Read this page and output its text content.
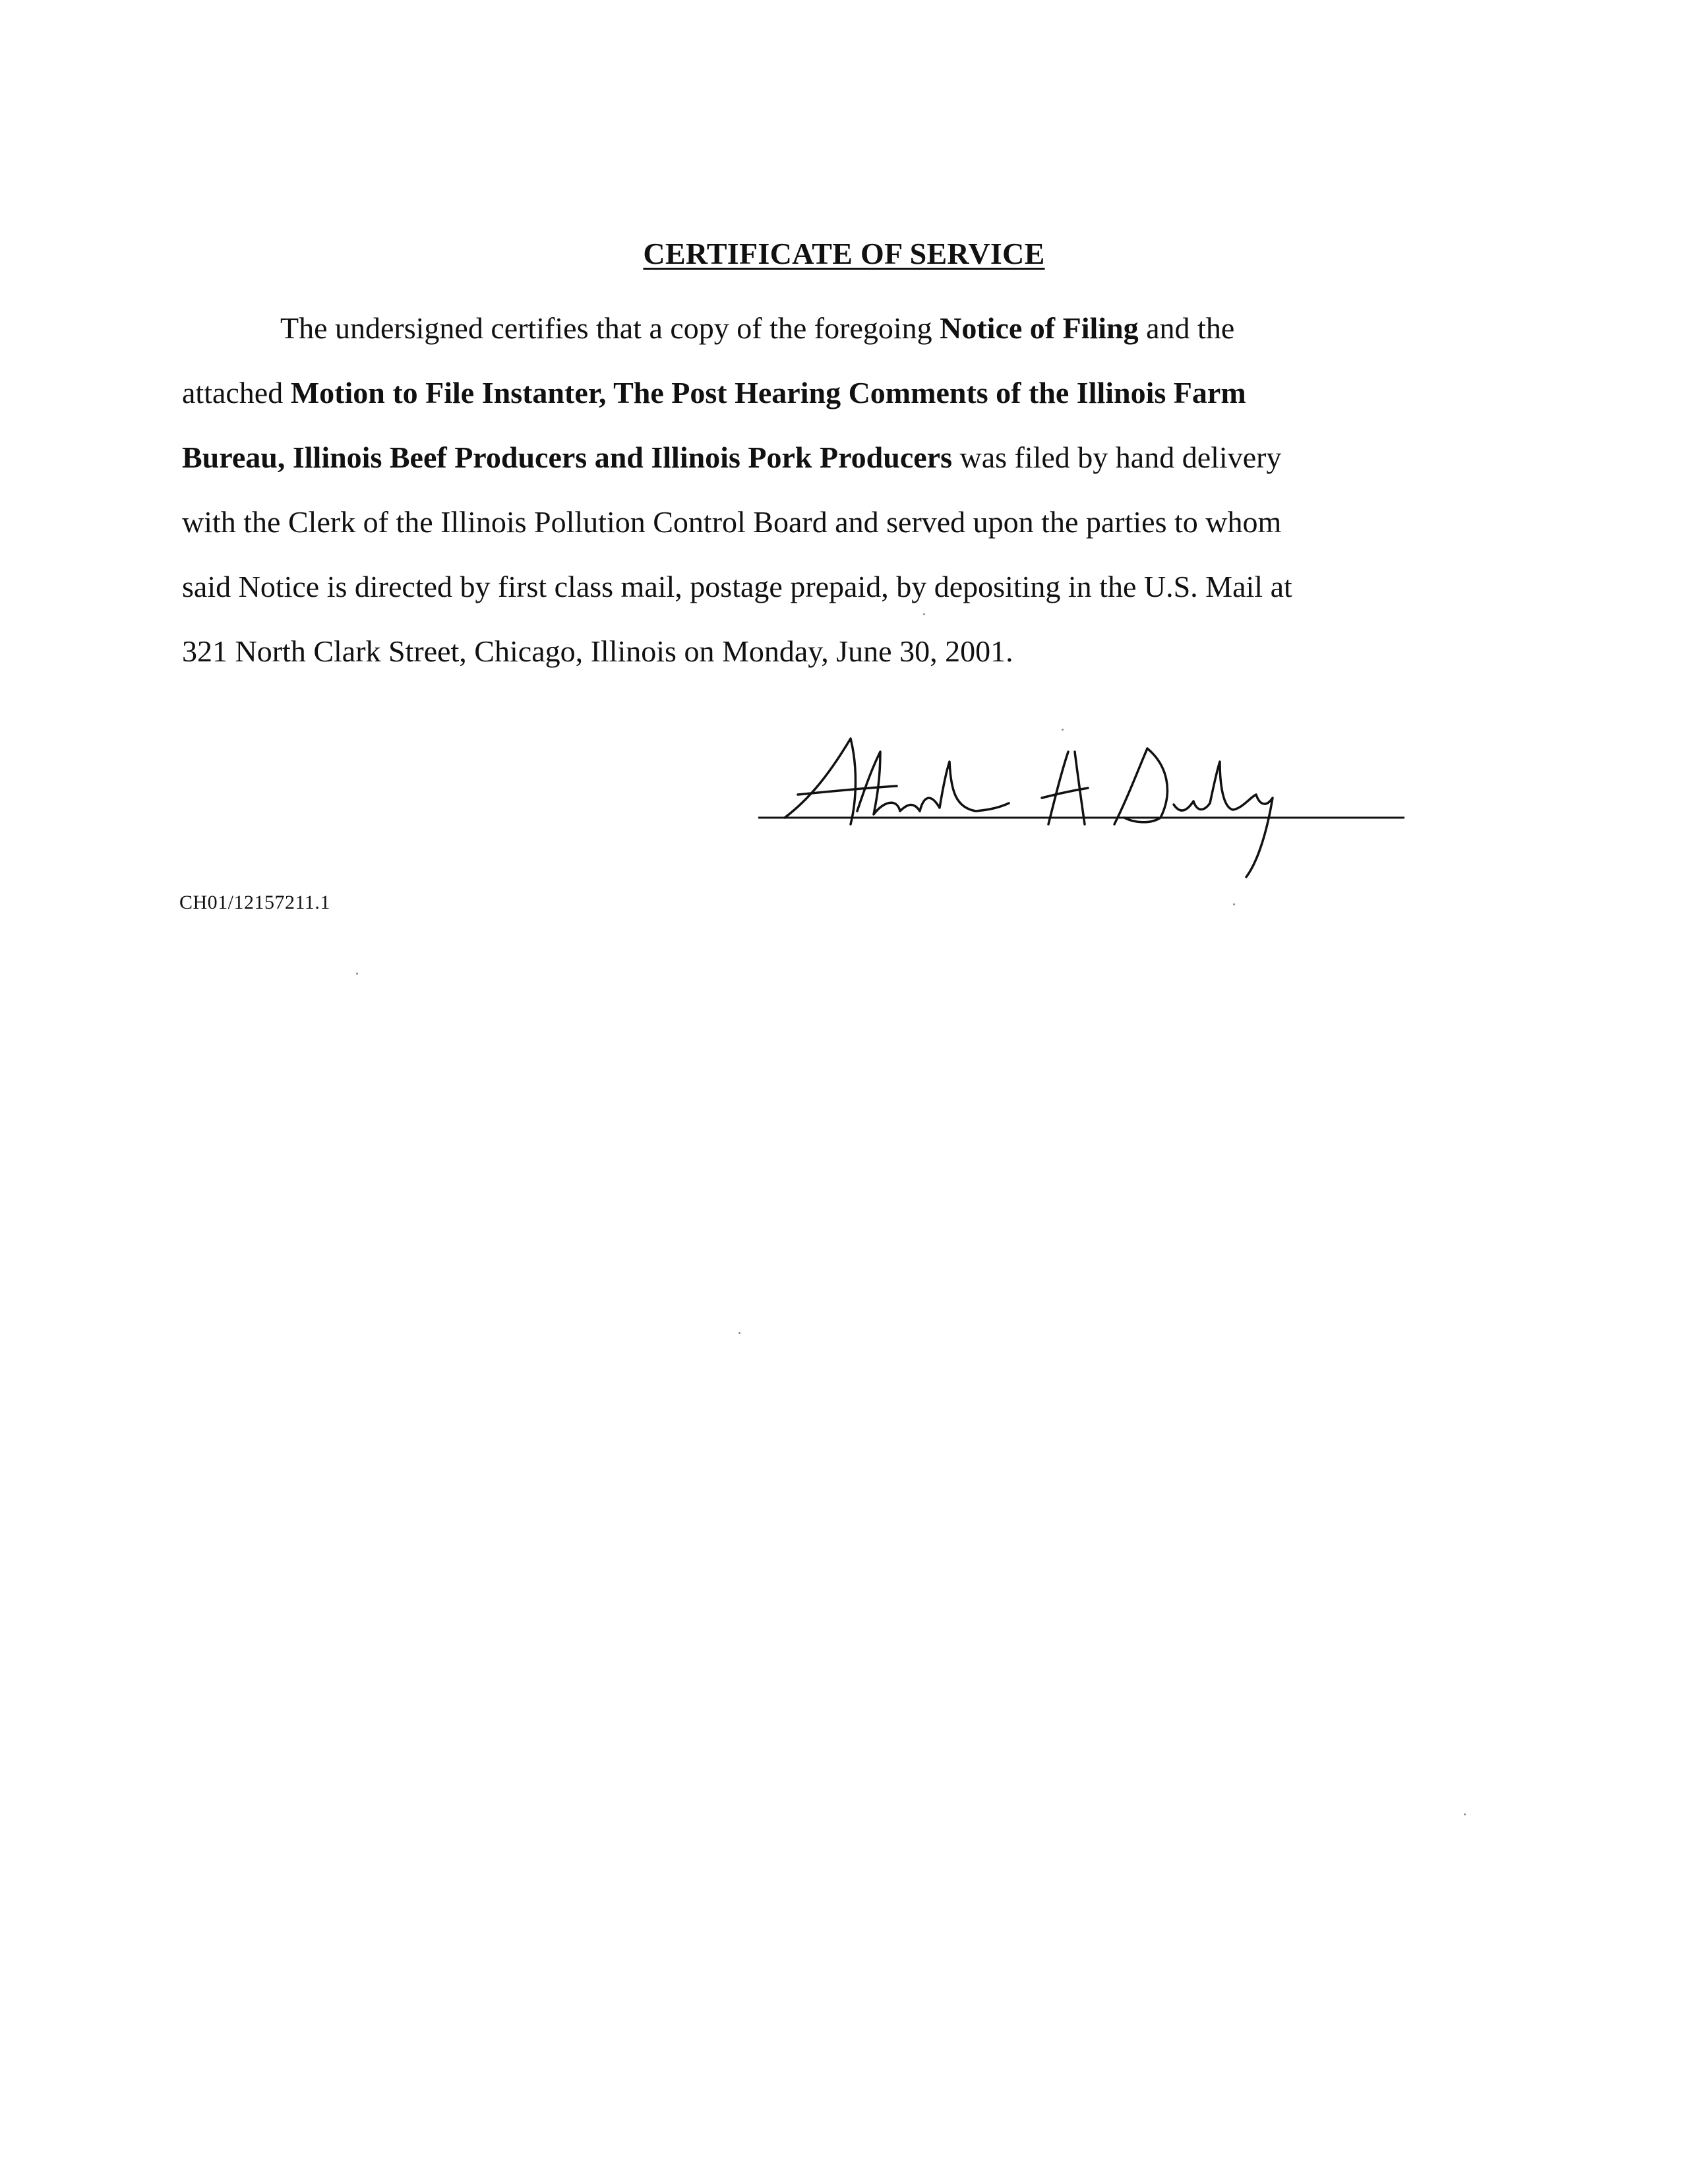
CERTIFICATE OF SERVICE
The undersigned certifies that a copy of the foregoing Notice of Filing and the
attached Motion to File Instanter, The Post Hearing Comments of the Illinois Farm
Bureau, Illinois Beef Producers and Illinois Pork Producers was filed by hand delivery
with the Clerk of the Illinois Pollution Control Board and served upon the parties to whom
said Notice is directed by first class mail, postage prepaid, by depositing in the U.S. Mail at
321 North Clark Street, Chicago, Illinois on Monday, June 30, 2001.
CH01/12157211.1
